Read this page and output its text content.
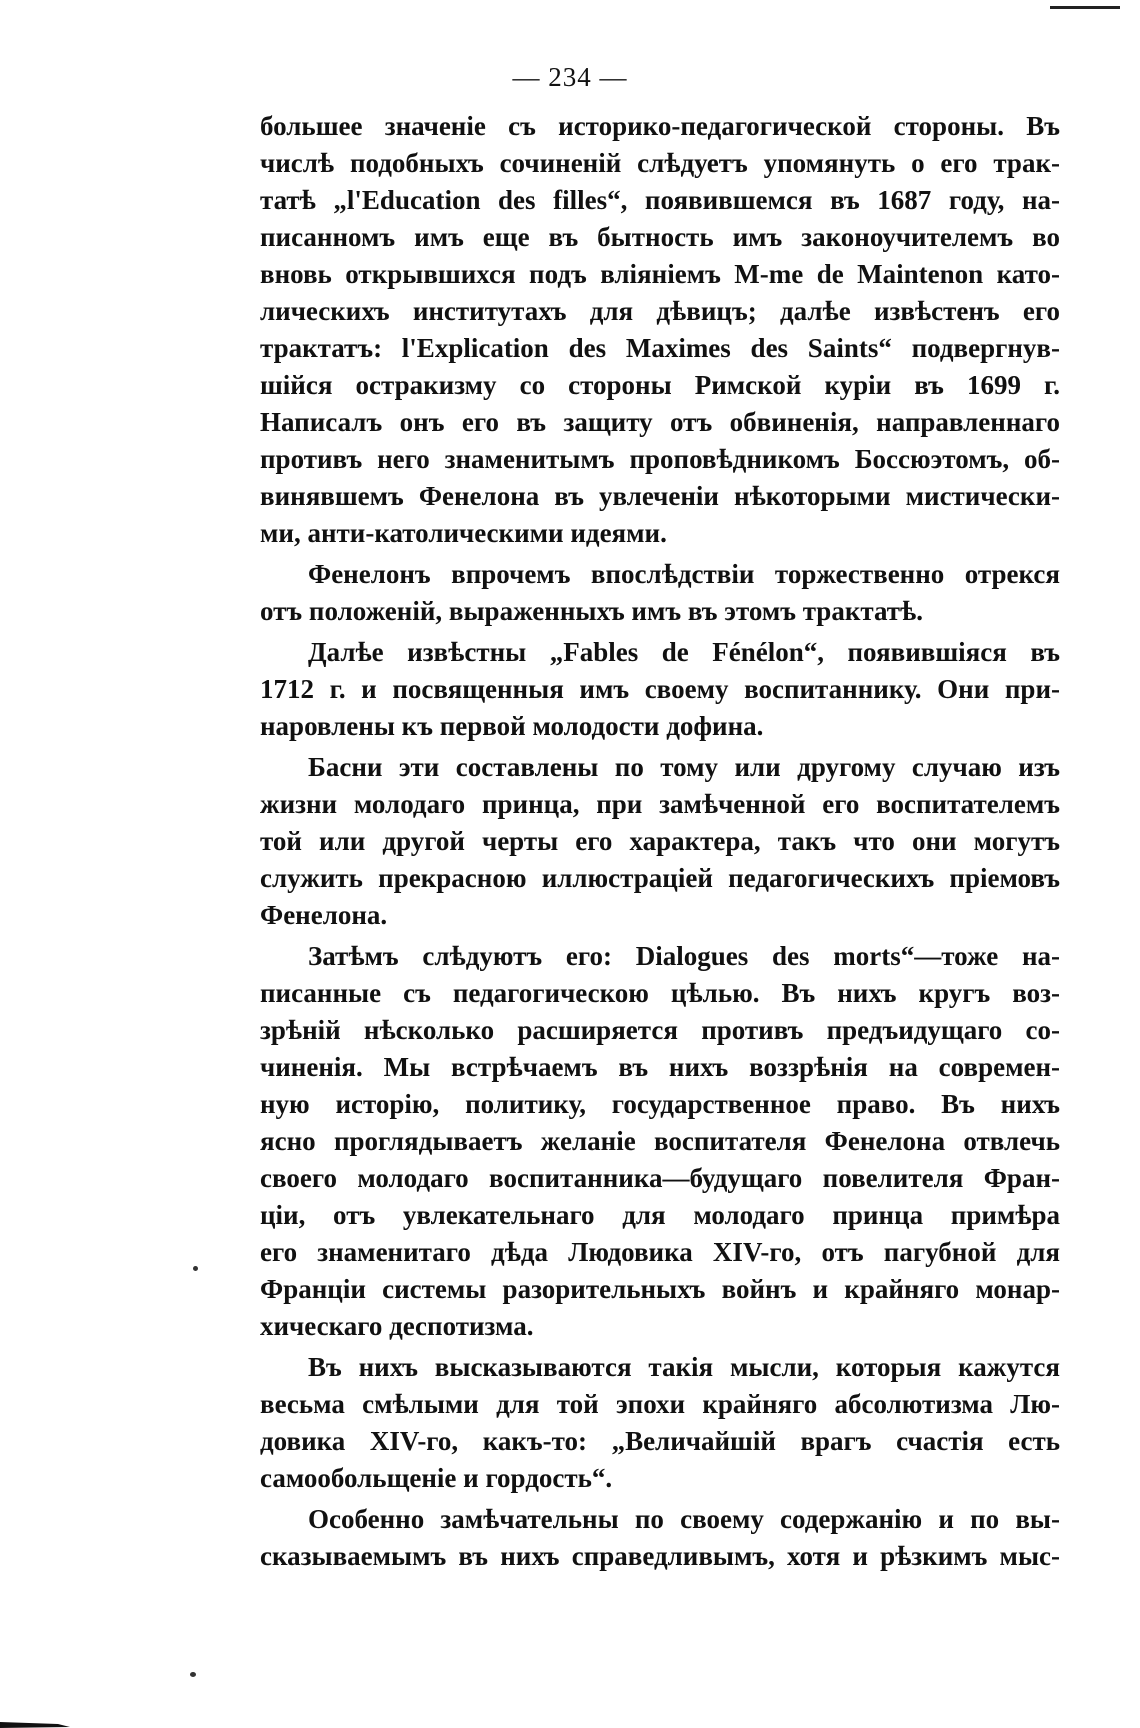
— 234 —

большее значеніе съ историко-педагогической стороны. Въ
числѣ подобныхъ сочиненій слѣдуетъ упомянуть о его трак-
татѣ „l'Education des filles“, появившемся въ 1687 году, на-
писанномъ имъ еще въ бытность имъ законоучителемъ во
вновь открывшихся подъ вліяніемъ M-me de Maintenon като-
лическихъ институтахъ для дѣвицъ; далѣе извѣстенъ его
трактатъ: l'Explication des Maximes des Saints“ подвергнув-
шійся остракизму со стороны Римской куріи въ 1699 г.
Написалъ онъ его въ защиту отъ обвиненія, направленнаго
противъ него знаменитымъ проповѣдникомъ Боссюэтомъ, об-
винявшемъ Фенелона въ увлеченіи нѣкоторыми мистически-
ми, анти-католическими идеями.

Фенелонъ впрочемъ впослѣдствіи торжественно отрекся
отъ положеній, выраженныхъ имъ въ этомъ трактатѣ.

Далѣе извѣстны „Fables de Fénélon“, появившіяся въ
1712 г. и посвященныя имъ своему воспитаннику. Они при-
наровлены къ первой молодости дофина.

Басни эти составлены по тому или другому случаю изъ
жизни молодаго принца, при замѣченной его воспитателемъ
той или другой черты его характера, такъ что они могутъ
служить прекрасною иллюстраціей педагогическихъ пріемовъ
Фенелона.

Затѣмъ слѣдуютъ его: Dialogues des morts“—тоже на-
писанные съ педагогическою цѣлью. Въ нихъ кругъ воз-
зрѣній нѣсколько расширяется противъ предъидущаго со-
чиненія. Мы встрѣчаемъ въ нихъ воззрѣнія на современ-
ную исторію, политику, государственное право. Въ нихъ
ясно проглядываетъ желаніе воспитателя Фенелона отвлечь
своего молодаго воспитанника—будущаго повелителя Фран-
ціи, отъ увлекательнаго для молодаго принца примѣра
его знаменитаго дѣда Людовика XIV-го, отъ пагубной для
Франціи системы разорительныхъ войнъ и крайняго монар-
хическаго деспотизма.

Въ нихъ высказываются такія мысли, которыя кажутся
весьма смѣлыми для той эпохи крайняго абсолютизма Лю-
довика XIV-го, какъ-то: „Величайшій врагъ счастія есть
самообольщеніе и гордость“.

Особенно замѣчательны по своему содержанію и по вы-
сказываемымъ въ нихъ справедливымъ, хотя и рѣзкимъ мыс-
